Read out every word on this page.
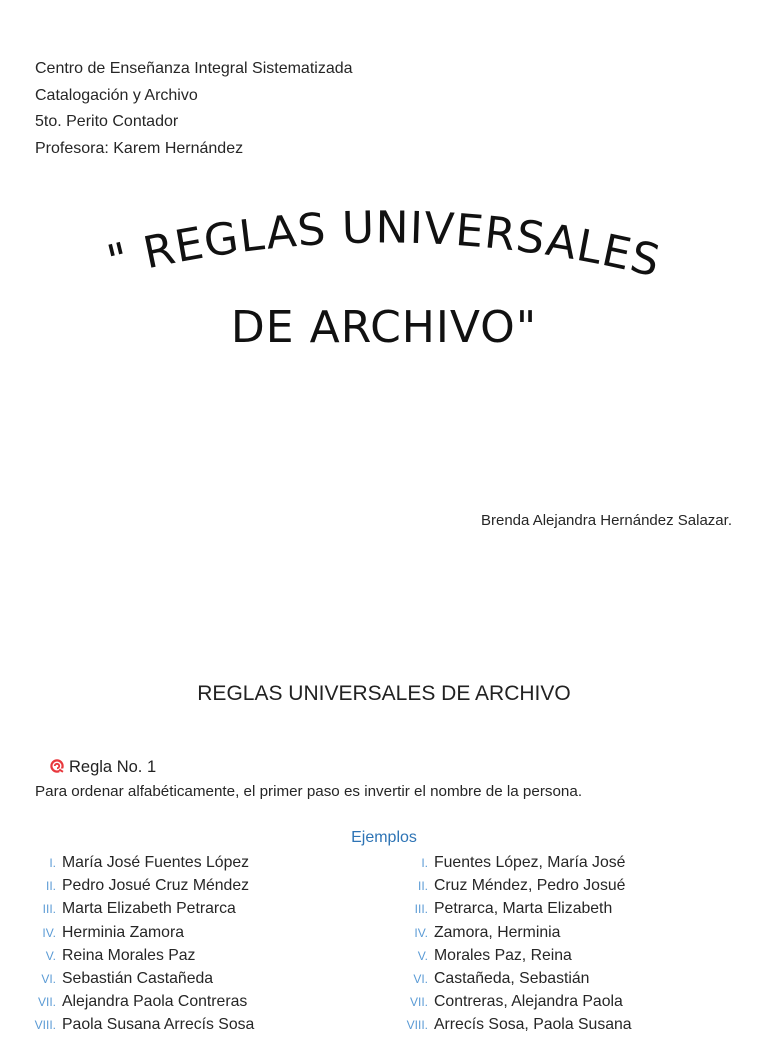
Centro de Enseñanza Integral Sistematizada
Catalogación y Archivo
5to. Perito Contador
Profesora: Karem Hernández
" REGLAS UNIVERSALES
DE ARCHIVO"
Brenda Alejandra Hernández Salazar.
REGLAS UNIVERSALES DE ARCHIVO
Regla No. 1
Para ordenar alfabéticamente, el primer paso es invertir el nombre de la persona.
Ejemplos
I. María José Fuentes López
II. Pedro Josué Cruz Méndez
III. Marta Elizabeth Petrarca
IV. Herminia Zamora
V. Reina Morales Paz
VI. Sebastián Castañeda
VII. Alejandra Paola Contreras
VIII. Paola Susana Arrecís Sosa
I. Fuentes López, María José
II. Cruz Méndez, Pedro Josué
III. Petrarca, Marta Elizabeth
IV. Zamora, Herminia
V. Morales Paz, Reina
VI. Castañeda, Sebastián
VII. Contreras, Alejandra Paola
VIII. Arrecís Sosa, Paola Susana
